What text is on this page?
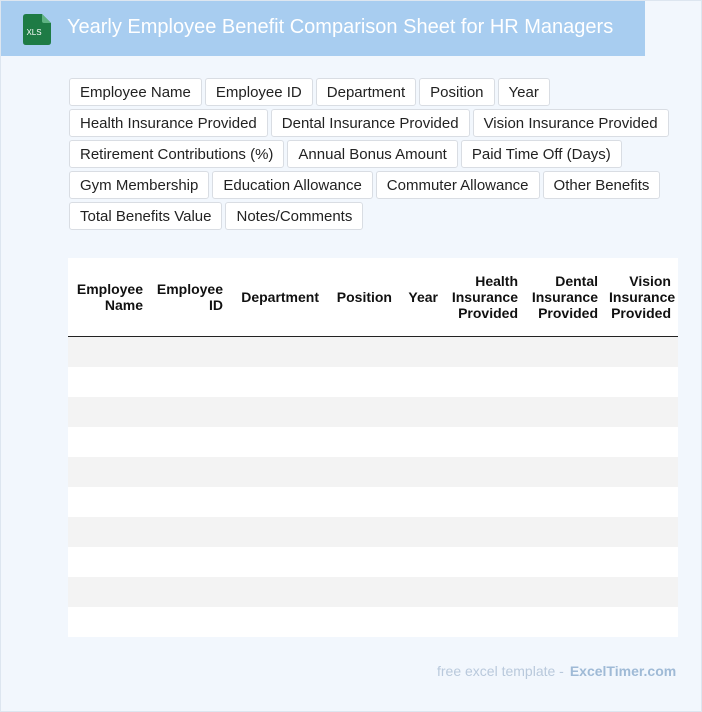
XLS Yearly Employee Benefit Comparison Sheet for HR Managers
Employee Name	Employee ID	Department	Position	Year
Health Insurance Provided	Dental Insurance Provided	Vision Insurance Provided
Retirement Contributions (%)	Annual Bonus Amount	Paid Time Off (Days)
Gym Membership	Education Allowance	Commuter Allowance	Other Benefits
Total Benefits Value	Notes/Comments
Employee Name	Employee ID	Department	Position	Year	Health Insurance Provided	Dental Insurance Provided	Vision Insurance Provided

free excel template - ExcelTimer.com
